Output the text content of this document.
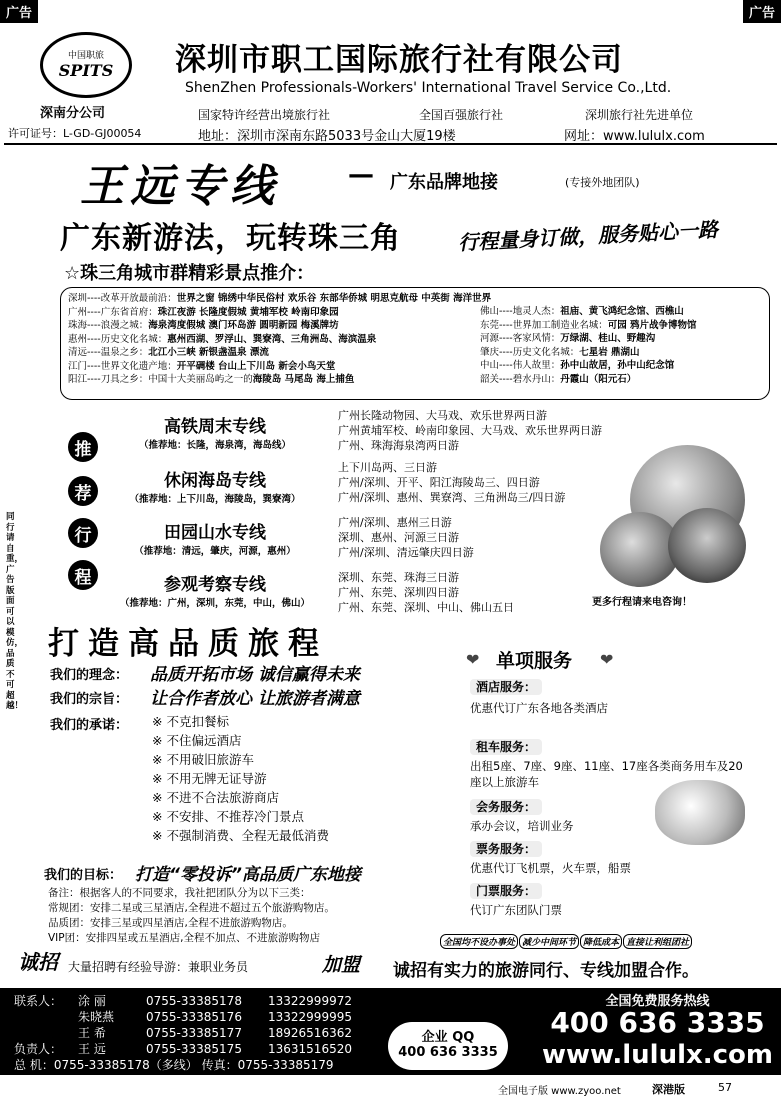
广告	广告
中国职旅
SPITS
深南分公司
许可证号：L-GD-GJ00054
深圳市职工国际旅行社有限公司
ShenZhen Professionals-Workers' International Travel Service Co.,Ltd.
国家特许经营出境旅行社	全国百强旅行社	深圳旅行社先进单位
地址：深圳市深南东路5033号金山大厦19楼	网址：www.lululx.com
王远专线	— 广东品牌地接	(专接外地团队)
广东新游法，玩转珠三角	行程量身订做，服务贴心一路
☆珠三角城市群精彩景点推介：
深圳----改革开放最前沿：世界之窗 锦绣中华民俗村 欢乐谷 东部华侨城 明思克航母 中英街 海洋世界
广州----广东省首府：珠江夜游 长隆度假城 黄埔军校 岭南印象园
珠海----浪漫之城：海泉湾度假城 澳门环岛游 圆明新园 梅溪牌坊
惠州----历史文化名城：惠州西湖、罗浮山、巽寮湾、三角洲岛、海滨温泉
清远----温泉之乡：北江小三峡 新银盏温泉 漂流
江门----世界文化遗产地：开平碉楼 台山上下川岛 新会小鸟天堂
阳江----刀具之乡：中国十大美丽岛屿之一的海陵岛 马尾岛 海上捕鱼
佛山----地灵人杰：祖庙、黄飞鸿纪念馆、西樵山
东莞----世界加工制造业名城：可园 鸦片战争博物馆
河源----客家风情：万绿湖、桂山、野趣沟
肇庆----历史文化名城：七星岩 鼎湖山
中山----伟人故里：孙中山故居，孙中山纪念馆
韶关----碧水丹山：丹霞山（阳元石）
推
荐
行
程
高铁周末专线
（推荐地：长隆，海泉湾，海岛线）
广州长隆动物园、大马戏、欢乐世界两日游
广州黄埔军校、岭南印象园、大马戏、欢乐世界两日游
广州、珠海海泉湾两日游
休闲海岛专线
（推荐地：上下川岛，海陵岛，巽寮湾）
上下川岛两、三日游
广州/深圳、开平、阳江海陵岛三、四日游
广州/深圳、惠州、巽寮湾、三角洲岛三/四日游
田园山水专线
（推荐地：清远，肇庆，河源，惠州）
广州/深圳、惠州三日游
深圳、惠州、河源三日游
广州/深圳、清远肇庆四日游
参观考察专线
（推荐地：广州，深圳，东莞，中山，佛山）
深圳、东莞、珠海三日游
广州、东莞、深圳四日游
广州、东莞、深圳、中山、佛山五日	更多行程请来电咨询！
同行请自重，广告版面可以模仿，品质不可超越！
打造高品质旅程
我们的理念： 品质开拓市场 诚信赢得未来
我们的宗旨： 让合作者放心 让旅游者满意
我们的承诺： ※ 不克扣餐标
※ 不住偏远酒店
※ 不用破旧旅游车
※ 不用无牌无证导游
※ 不进不合法旅游商店
※ 不安排、不推荐冷门景点
※ 不强制消费、全程无最低消费
我们的目标： 打造“零投诉”高品质广东地接
备注：根据客人的不同要求，我社把团队分为以下三类：
常规团：安排二星或三星酒店,全程进不超过五个旅游购物店。
品质团：安排三星或四星酒店,全程不进旅游购物店。
VIP团：安排四星或五星酒店,全程不加点、不进旅游购物店
单项服务
❤	❤
酒店服务：
优惠代订广东各地各类酒店
租车服务：
出租5座、7座、9座、11座、17座各类商务用车及20座以上旅游车
会务服务：
承办会议，培训业务
票务服务：
优惠代订飞机票，火车票，船票
门票服务：
代订广东团队门票
全国均不设办事处 减少中间环节 降低成本 直接让利组团社
诚招 大量招聘有经验导游：兼职业务员	加盟 诚招有实力的旅游同行、专线加盟合作。
联系人： 涂 丽	0755-33385178 13322999972
朱晓燕	0755-33385176 13322999995
王 希	0755-33385177 18926516362
负责人： 王 远	0755-33385175 13631516520
总 机：0755-33385178（多线） 传真：0755-33385179
企业 QQ
400 636 3335
全国免费服务热线
400 636 3335
www.lululx.com
全国电子版 www.zyoo.net	深港版	57
